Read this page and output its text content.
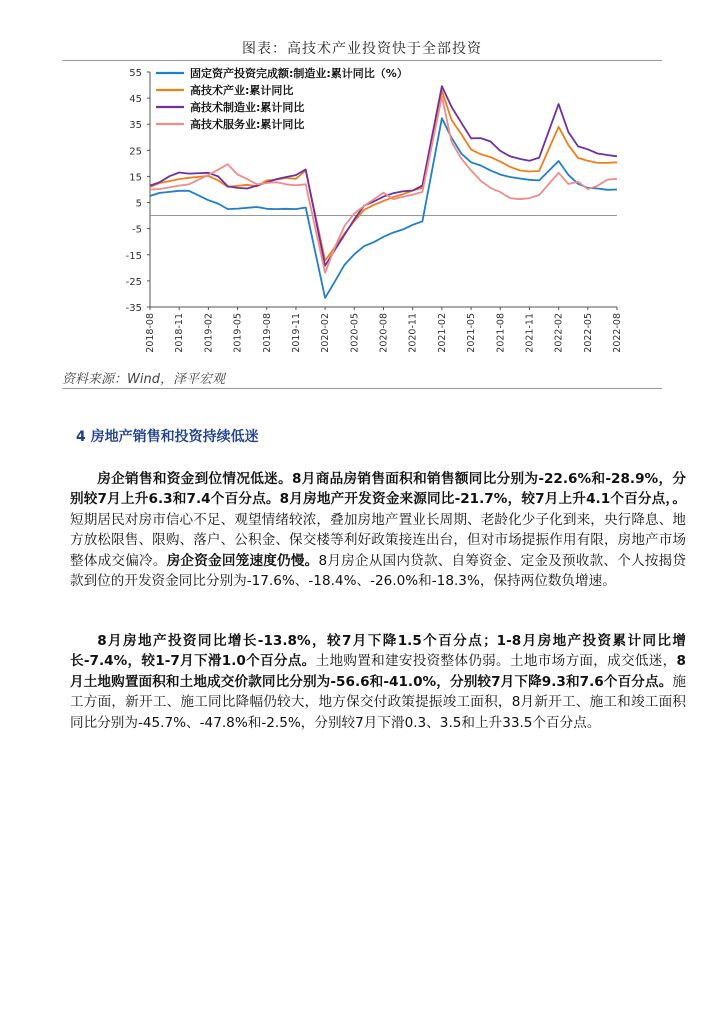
图表：高技术产业投资快于全部投资
55
45
35
25
15
5
-5
-15
-25
-35
2018-08 2018-11 2019-02 2019-05 2019-08 2019-11 2020-02 2020-05 2020-08 2020-11 2021-02 2021-05 2021-08 2021-11 2022-02 2022-05 2022-08
固定资产投资完成额:制造业:累计同比（%）
高技术产业:累计同比
高技术制造业:累计同比
高技术服务业:累计同比
资料来源：Wind，泽平宏观
4 房地产销售和投资持续低迷

房企销售和资金到位情况低迷。8月商品房销售面积和销售额同比分别为-22.6%和-28.9%，分别较7月上升6.3和7.4个百分点。8月房地产开发资金来源同比-21.7%，较7月上升4.1个百分点，。短期居民对房市信心不足、观望情绪较浓，叠加房地产置业长周期、老龄化少子化到来，央行降息、地方放松限售、限购、落户、公积金、保交楼等利好政策接连出台，但对市场提振作用有限，房地产市场整体成交偏冷。房企资金回笼速度仍慢。8月房企从国内贷款、自筹资金、定金及预收款、个人按揭贷款到位的开发资金同比分别为-17.6%、-18.4%、-26.0%和-18.3%，保持两位数负增速。

8月房地产投资同比增长-13.8%，较7月下降1.5个百分点；1-8月房地产投资累计同比增长-7.4%，较1-7月下滑1.0个百分点。土地购置和建安投资整体仍弱。土地市场方面，成交低迷，8月土地购置面积和土地成交价款同比分别为-56.6和-41.0%，分别较7月下降9.3和7.6个百分点。施工方面，新开工、施工同比降幅仍较大，地方保交付政策提振竣工面积，8月新开工、施工和竣工面积同比分别为-45.7%、-47.8%和-2.5%，分别较7月下滑0.3、3.5和上升33.5个百分点。
